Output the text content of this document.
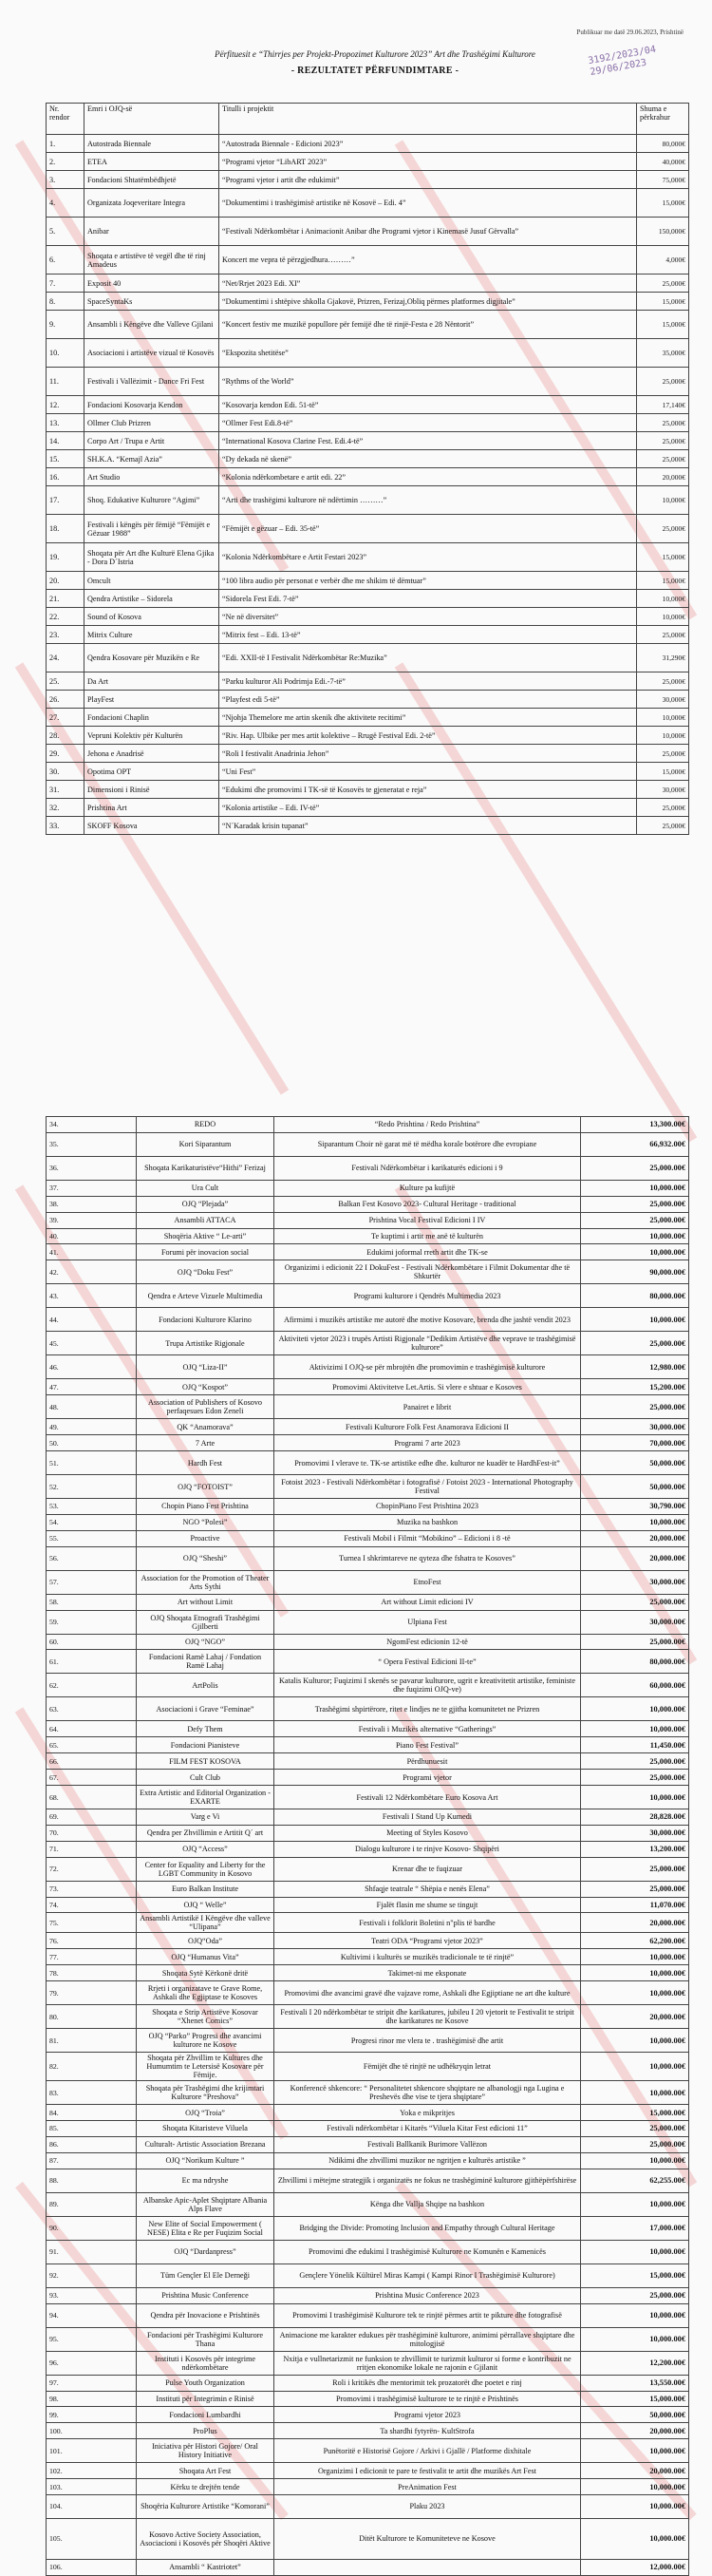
Publikuar me datë 29.06.2023, Prishtinë
3192/2023/04   29/06/2023
Përfituesit e “Thirrjes per Projekt-Propozimet Kulturore 2023” Art dhe Trashëgimi Kulturore
- REZULTATET PËRFUNDIMTARE -
Nr. rendor	Emri i OJQ-së	Titulli i projektit	Shuma e përkrahur
1.	Autostrada Biennale	“Autostrada Biennale - Edicioni 2023”	80,000€
2.	ETEA	“Programi vjetor “LibART 2023”	40,000€
3.	Fondacioni Shtatëmbëdhjetë	“Programi vjetor i artit dhe edukimit”	75,000€
4.	Organizata Joqeveritare Integra	“Dokumentimi i trashëgimisë artistike në Kosovë – Edi. 4”	15,000€
5.	Anibar	“Festivali Ndërkombëtar i Animacionit Anibar dhe Programi vjetor i Kinemasë Jusuf Gërvalla”	150,000€
6.	Shoqata e artistëve të vegël dhe të rinj Amadeus	Koncert me vepra të përzgjedhura………”	4,000€
7.	Exposit 40	“Net/Rrjet 2023 Edi. XI”	25,000€
8.	SpaceSyntaKs	“Dokumentimi i shtëpive shkolla Gjakovë, Prizren, Ferizaj,Obliq përmes platformes digjitale”	15,000€
9.	Ansambli i Këngëve dhe Valleve Gjilani	“Koncert festiv me muzikë popullore për femijë dhe të rinjë-Festa e 28 Nëntorit”	15,000€
10.	Asociacioni i artistëve vizual të Kosovës	“Ekspozita shetitëse”	35,000€
11.	Festivali i Vallëzimit - Dance Fri Fest	“Rythms of the World”	25,000€
12.	Fondacioni Kosovarja Kendon	“Kosovarja kendon Edi. 51-të”	17,140€
13.	Ollmer Club Prizren	“Ollmer Fest Edi.8-të”	25,000€
14.	Corpo Art / Trupa e Artit	“International Kosova Clarine Fest. Edi.4-të”	25,000€
15.	SH.K.A. “Kemajl Azia”	“Dy dekada në skenë”	25,000€
16.	Art Studio	“Kolonia ndërkombetare e artit edi. 22”	20,000€
17.	Shoq. Edukative Kulturore “Agimi”	“Arti dhe trashëgimi kulturore në ndërtimin ………”	10,000€
18.	Festivali i këngës për fëmijë “Fëmijët e Gëzuar 1988”	“Fëmijët e gëzuar – Edi. 35-të”	25,000€
19.	Shoqata për Art dhe Kulturë Elena Gjika - Dora D´Istria	“Kolonia Ndërkombëtare e Artit Festari 2023”	15,000€
20.	Omcult	“100 libra audio për personat e verbër dhe me shikim të dëmtuar”	15,000€
21.	Qendra Artistike – Sidorela	“Sidorela Fest Edi. 7-të”	10,000€
22.	Sound of Kosova	“Ne në diversitet”	10,000€
23.	Mitrix Culture	“Mitrix fest – Edi. 13-të”	25,000€
24.	Qendra Kosovare për Muzikën e Re	“Edi. XXII-të I Festivalit Ndërkombëtar Re:Muzika”	31,290€
25.	Da Art	“Parku kulturor Ali Podrimja Edi.-7-të”	25,000€
26.	PlayFest	“Playfest edi 5-të”	30,000€
27.	Fondacioni Chaplin	“Njohja Themelore me artin skenik dhe aktivitete recitimi”	10,000€
28.	Vepruni Kolektiv për Kulturën	“Riv. Hap. Ulbike per mes artit kolektive – Rrugë Festival Edi. 2-të”	10,000€
29.	Jehona e Anadrisë	“Roli I festivalit Anadrinia Jehon”	25,000€
30.	Opotima OPT	“Uni Fest”	15,000€
31.	Dimensioni i Rinisë	“Edukimi dhe promovimi I TK-së të Kosovës te gjeneratat e reja”	30,000€
32.	Prishtina Art	“Kolonia artistike – Edi. IV-të”	25,000€
33.	SKOFF Kosova	“N´Karadak krisin tupanat”	25,000€
34.	REDO	“Redo Prishtina / Redo Prishtina”	13,300.00€
35.	Kori Siparantum	Siparantum Choir në garat më të mëdha korale botërore dhe evropiane	66,932.00€
36.	Shoqata Karikaturistëve“Hithi” Ferizaj	Festivali Ndërkombëtar i karikaturës edicioni i 9	25,000.00€
37.	Ura Cult	Kulture pa kufijtë	10,000.00€
38.	OJQ “Plejada”	Balkan Fest Kosovo 2023- Cultural Heritage - traditional	25,000.00€
39.	Ansambli ATTACA	Prishtina Vocal Festival Edicioni I IV	25,000.00€
40.	Shoqëria Aktive “ Le-arti”	Te kuptimi i artit me anë të kulturën	10,000.00€
41.	Forumi për inovacion social	Edukimi joformal rreth artit dhe TK-se	10,000.00€
42.	OJQ “Doku Fest”	Organizimi i edicionit 22 I DokuFest - Festivali Ndërkombëtare i Filmit Dokumentar dhe të Shkurtër	90,000.00€
43.	Qendra e Arteve Vizuele Multimedia	Programi kulturore i Qendrës Multimedia 2023	80,000.00€
44.	Fondacioni Kulturore Klarino	Afirmimi i muzikës artistike me autorë dhe motive Kosovare, brenda dhe jashtë vendit 2023	10,000.00€
45.	Trupa Artistike Rigjonale	Aktiviteti vjetor 2023 i trupës Artisti Rigjonale “Dedikim Artistëve dhe veprave te trashëgimisë kulturore”	25,000.00€
46.	OJQ “Liza-II”	Aktivizimi I OJQ-se për mbrojtën dhe promovimin e trashëgimisë kulturore	12,980.00€
47.	OJQ “Kospot”	Promovimi Aktivitetve Let.Artis. Si vlere e shtuar e Kosoves	15,200.00€
48.	Association of Publishers of Kosovo perfaqesues Edon Zeneli	Panairet e librit	25,000.00€
49.	QK “Anamorava”	Festivali Kulturore Folk Fest Anamorava Edicioni II	30,000.00€
50.	7 Arte	Programi 7 arte 2023	70,000.00€
51.	Hardh Fest	Promovimi I vlerave te. TK-se artistike edhe dhe. kulturor ne kuadër te HardhFest-it”	50,000.00€
52.	OJQ “FOTOIST”	Fotoist 2023 - Festivali Ndërkombëtar i fotografisë / Fotoist 2023 - International Photography Festival	50,000.00€
53.	Chopin Piano Fest Prishtina	ChopinPiano Fest Prishtina 2023	30,790.00€
54.	NGO “Polesi”	Muzika na bashkon	10,000.00€
55.	Proactive	Festivali Mobil i Filmit “Mobikino” – Edicioni i 8 -të	20,000.00€
56.	OJQ “Sheshi”	Turnea I shkrimtareve ne qyteza dhe fshatra te Kosoves”	20,000.00€
57.	Association for the Promotion of Theater Arts Sythi	EtnoFest	30,000.00€
58.	Art without Limit	Art without Limit edicioni IV	25,000.00€
59.	OJQ Shoqata Etnografi Trashëgimi Gjilberti	Ulpiana Fest	30,000.00€
60.	OJQ “NGO”	NgomFest edicionin 12-të	25,000.00€
61.	Fondacioni Ramë Lahaj / Fondation Ramë Lahaj	“ Opera Festival Edicioni II-te”	80,000.00€
62.	ArtPolis	Katalis Kulturor; Fuqizimi I skenës se pavarur kulturore, ugrit e kreativitetit artistike, feministe dhe fuqizimi OJQ-ve)	60,000.00€
63.	Asociacioni i Grave “Feminae”	Trashëgimi shpirtërore, ritet e lindjes ne te gjitha komunitetet ne Prizren	10,000.00€
64.	Defy Them	Festivali i Muzikës alternative “Gatherings”	10,000.00€
65.	Fondacioni Pianisteve	Piano Fest Festival”	11,450.00€
66.	FILM FEST KOSOVA	Përdhunuesit	25,000.00€
67.	Cult Club	Programi vjetor	25,000.00€
68.	Extra Artistic and Editorial Organization - EXARTE	Festivali 12 Ndërkombëtare Euro Kosova Art	10,000.00€
69.	Varg e Vi	Festivali I Stand Up Kumedi	28,828.00€
70.	Qendra per Zhvillimin e Artitit Q´ art	Meeting of Styles Kosovo	30,000.00€
71.	OJQ “Access”	Dialogu kulturore i te rinjve Kosovo- Shqipëri	13,200.00€
72.	Center for Equality and Liberty for the LGBT Community in Kosovo	Krenar dhe te fuqizuar	25,000.00€
73.	Euro Balkan Institute	Shfaqje teatrale “ Shëpia e nenës Elena”	25,000.00€
74.	OJQ “ Welle”	Fjalët flasin me shume se tingujt	11,070.00€
75.	Ansambli Artistikë I Këngëve dhe valleve “Ulipana”	Festivali i folklorit Boletini n"plis të bardhe	20,000.00€
76.	OJQ“Oda”	Teatri ODA “Programi vjetor 2023”	62,200.00€
77.	OJQ “Humanus Vita”	Kultivimi i kulturës se muzikës tradicionale te të rinjtë”	10,000.00€
78.	Shoqata Sytë Kërkonë dritë	Takimet-ni me eksponate	10,000.00€
79.	Rrjeti i organizatave te Grave Rome, Ashkali dhe Egjiptase te Kosoves	Promovimi dhe avancimi gravë dhe vajzave rome, Ashkali dhe Egjiptiane ne art dhe kulture	10,000.00€
80.	Shoqata e Strip Artistëve Kosovar “Xhenet Comics”	Festivali I 20 ndërkombëtar te stripit dhe karikatures, jubileu I 20 vjetorit te Festivalit te stripit dhe karikatures ne Kosove	20,000.00€
81.	OJQ “Parko” Progresi dhe avancimi kulturore ne Kosove	Progresi rinor me vlera te . trashëgimisë dhe artit	10,000.00€
82.	Shoqata për Zhvillim te Kultures dhe Humumtim te Letersisë Kosovare për Fëmije.	Fëmijët dhe të rinjtë ne udhëkryqin letrat	10,000.00€
83.	Shoqata për Trashëgimi dhe krijimtari Kulturore “Preshova”	Konferencë shkencore: “ Personalitetet shkencore shqiptare ne albanologji nga Lugina e Preshevës dhe vise te tjera shqiptare”	10,000.00€
84.	OJQ “Troia”	Yoka e mikpritjes	15,000.00€
85.	Shoqata Kitaristeve Viluela	Festivali ndërkombëtar i Kitarës “Viluela Kitar Fest edicioni 11”	25,000.00€
86.	Culturalt- Artistic Association Brezana	Festivali Ballkanik Burimore Vallëzon	25,000.00€
87.	OJQ “Norikum Kulture ”	Ndikimi dhe zhvillimi muzikor ne ngritjen e kulturës artistike ”	10,000.00€
88.	Ec ma ndryshe	Zhvillimi i mëtejme strategjik i organizatës ne fokus ne trashëgiminë kulturore gjithëpërfshirëse	62,255.00€
89.	Albanske Apic-Aplet Shqiptare Albania Alps Flave	Kënga dhe Vallja Shqipe na bashkon	10,000.00€
90.	New Elite of Social Empowerment ( NESE) Elita e Re per Fuqizim Social	Bridging the Divide: Promoting Inclusion and Empathy through Cultural Heritage	17,000.00€
91.	OJQ “Dardanpress”	Promovimi dhe edukimi I trashëgimisë Kulturore ne Komunën e Kamenicës	10,000.00€
92.	Tüm Gençler El Ele Derneği	Gençlere Yönelik Kültürel Miras Kampi ( Kampi Rinor I Trashëgimisë Kulturore)	15,000.00€
93.	Prishtina Music Conference	Prishtina Music Conference 2023	25,000.00€
94.	Qendra për Inovacione e Prishtinës	Promovimi I trashëgimisë Kulturore tek te rinjtë përmes artit te pikture dhe fotografisë	10,000.00€
95.	Fondacioni për Trashëgimi Kulturore Thana	Animacione me karakter edukues për trashëgiminë kulturore, animimi përrallave shqiptare dhe mitologjisë	10,000.00€
96.	Instituti i Kosovës për integrime ndërkombëtare	Nxitja e vullnetarizmit ne funksion te zhvillimit te turizmit kulturor si forme e kontribuzit ne rritjen ekonomike lokale ne rajonin e Gjilanit	12,200.00€
97.	Pulse Youth Organization	Roli i kritikës dhe mentorimit tek prozatorët dhe poetet e rinj	13,550.00€
98.	Instituti për Integrimin e Rinisë	Promovimi i trashëgimisë kulturore te te rinjtë e Prishtinës	15,000.00€
99.	Fondacioni Lumbardhi	Programi vjetor 2023	50,000.00€
100.	ProPlus	Ta shardhi fytyrën- KultStrofa	20,000.00€
101.	Iniciativa për Histori Gojore/ Oral History Initiative	Punëtoritë e Historisë Gojore / Arkivi i Gjallë / Platforme dixhitale	10,000.00€
102.	Shoqata Art Fest	Organizimi I edicionit te pare te festivalit te artit dhe muzikës Art Fest	20,000.00€
103.	Kërku te drejtën tende	PreAnimation Fest	10,000.00€
104.	Shoqëria Kulturore Artistike “Komorani”	Plaku 2023	10,000.00€
105.	Kosovo Active Society Association, Asociacioni i Kosovës për Shoqëri Aktive	Ditët Kulturore te Komuniteteve ne Kosove	10,000.00€
106.	Ansambli “ Kastriotet”		12,000.00€
